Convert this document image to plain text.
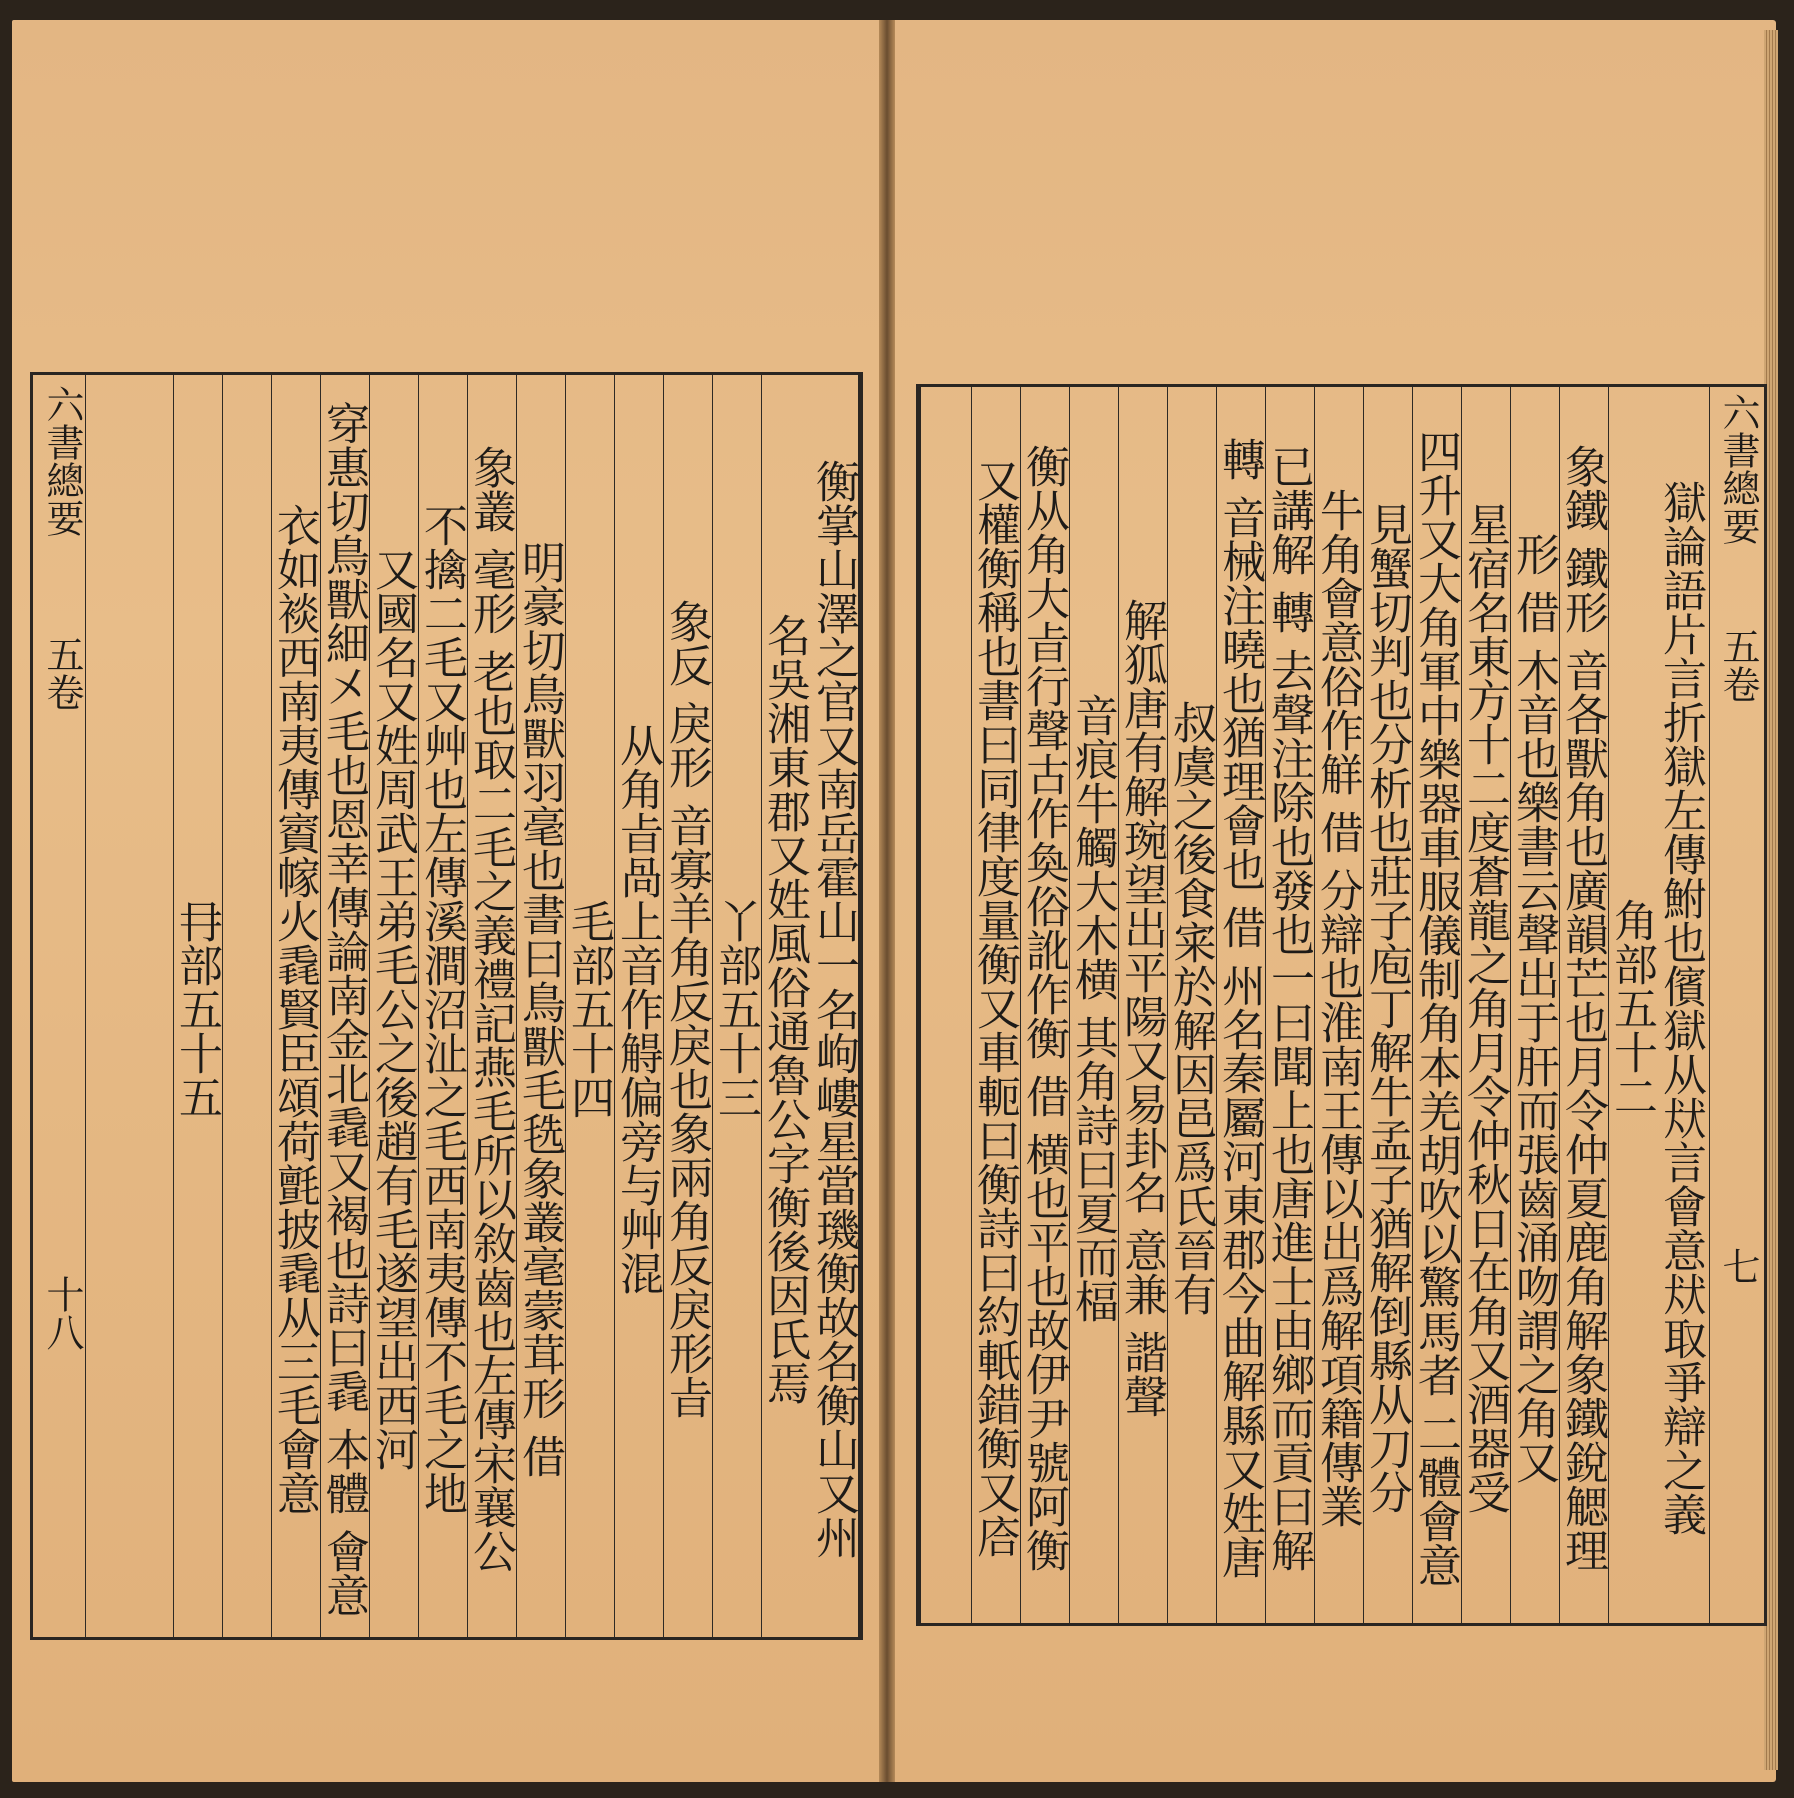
衡掌山澤之官又南岳霍山一名岣嶁星當璣衡故名衡山又州
名吳湘東郡又姓風俗通魯公字衡後因氏焉
丫部五十三
象反 戾形 音寡羊角反戾也象兩角反戾形㫖
从角㫖咼上音作䚟偏旁与艸混
毛部五十四
明豪切鳥獸羽毫也書曰鳥獸毛毨象叢毫蒙茸形 借
象叢 毫形 老也取二毛之義禮記燕毛所以敘齒也左傳宋襄公
不擒二毛又艸也左傳溪澗沼沚之毛西南夷傳不毛之地
又國名又姓周武王弟毛公之後趙有毛遂望出西河
穿惠切鳥獸細㐅毛也恩幸傳論南金北毳又褐也詩曰毳 本體 會意
衣如裧西南夷傳賨幏火毳賢臣頌荷氈披毳从三毛會意
冄部五十五
六書總要
五卷
十八
六書總要
五卷
七
獄論語片言折獄左傳鮒也儐獄从㹜言會意㹜取爭辯之義
角部五十二
象鐵 鐵形 音各獸角也廣韻芒也月令仲夏鹿角解象鐵銳䚡理
形 借 木音也樂書云聲出于肝而張齒涌吻謂之角又
星宿名東方十二度蒼龍之角月令仲秋日在角又酒器受
四升又大角軍中樂器車服儀制角本羌胡吹以驚馬者 二體會意
見蟹切判也分析也莊子庖丁解牛孟子猶解倒縣从刀分
牛角會意俗作觧 借 分辯也淮南王傳以出爲解項籍傳業
已講解 轉 去聲注除也發也一曰聞上也唐進士由鄉而貢曰解
轉 音械注曉也猶理會也 借 州名秦屬河東郡今曲解縣又姓唐
叔虞之後食宷於解因邑爲氏晉有
解狐唐有解琬望出平陽又易卦名 意兼 諧聲
音痕牛觸大木横 其角詩曰夏而楅
衡从角大㫖行聲古作奐俗訛作衡 借 横也平也故伊尹號阿衡
又權衡稱也書曰同律度量衡又車軛曰衡詩曰約軝錯衡又𢈈
